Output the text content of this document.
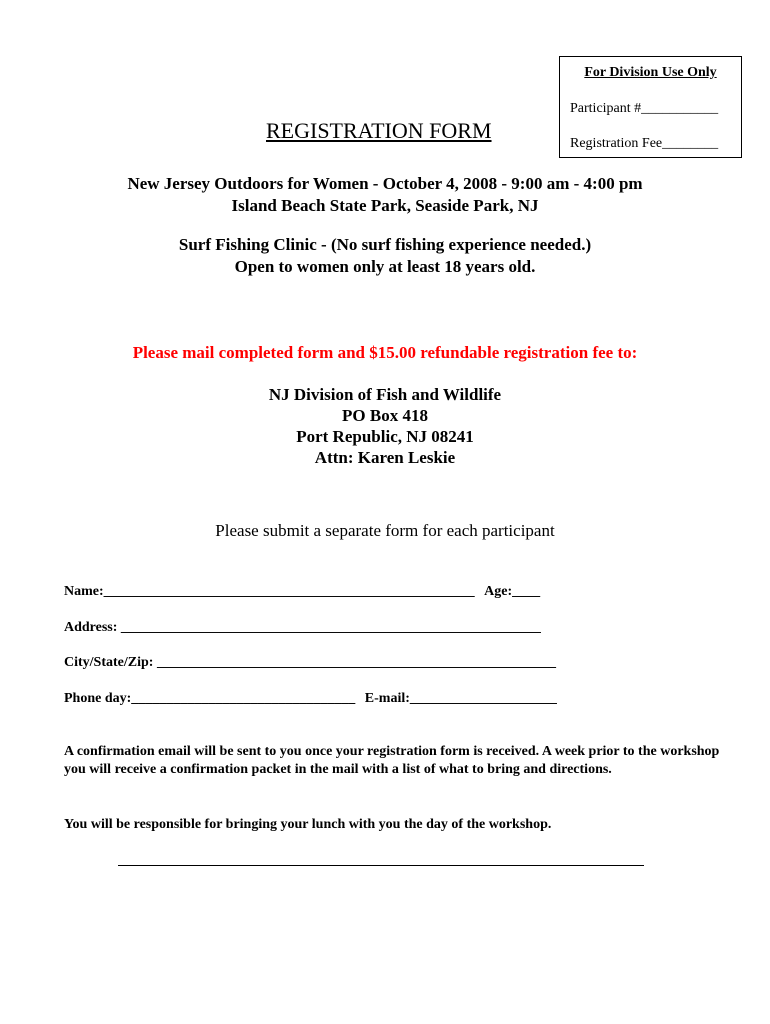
For Division Use Only
Participant #___________
Registration Fee________
REGISTRATION FORM
New Jersey Outdoors for Women - October 4, 2008 - 9:00 am - 4:00 pm
Island Beach State Park, Seaside Park, NJ
Surf Fishing Clinic - (No surf fishing experience needed.)
Open to women only at least 18 years old.
Please mail completed form and $15.00 refundable registration fee to:
NJ Division of Fish and Wildlife
PO Box 418
Port Republic, NJ 08241
Attn: Karen Leskie
Please submit a separate form for each participant
Name:_____________________________________________________ Age:____
Address: ____________________________________________________________
City/State/Zip: _________________________________________________________
Phone day:________________________________ E-mail:_____________________
A confirmation email will be sent to you once your registration form is received. A week prior to the workshop you will receive a confirmation packet in the mail with a list of what to bring and directions.
You will be responsible for bringing your lunch with you the day of the workshop.
